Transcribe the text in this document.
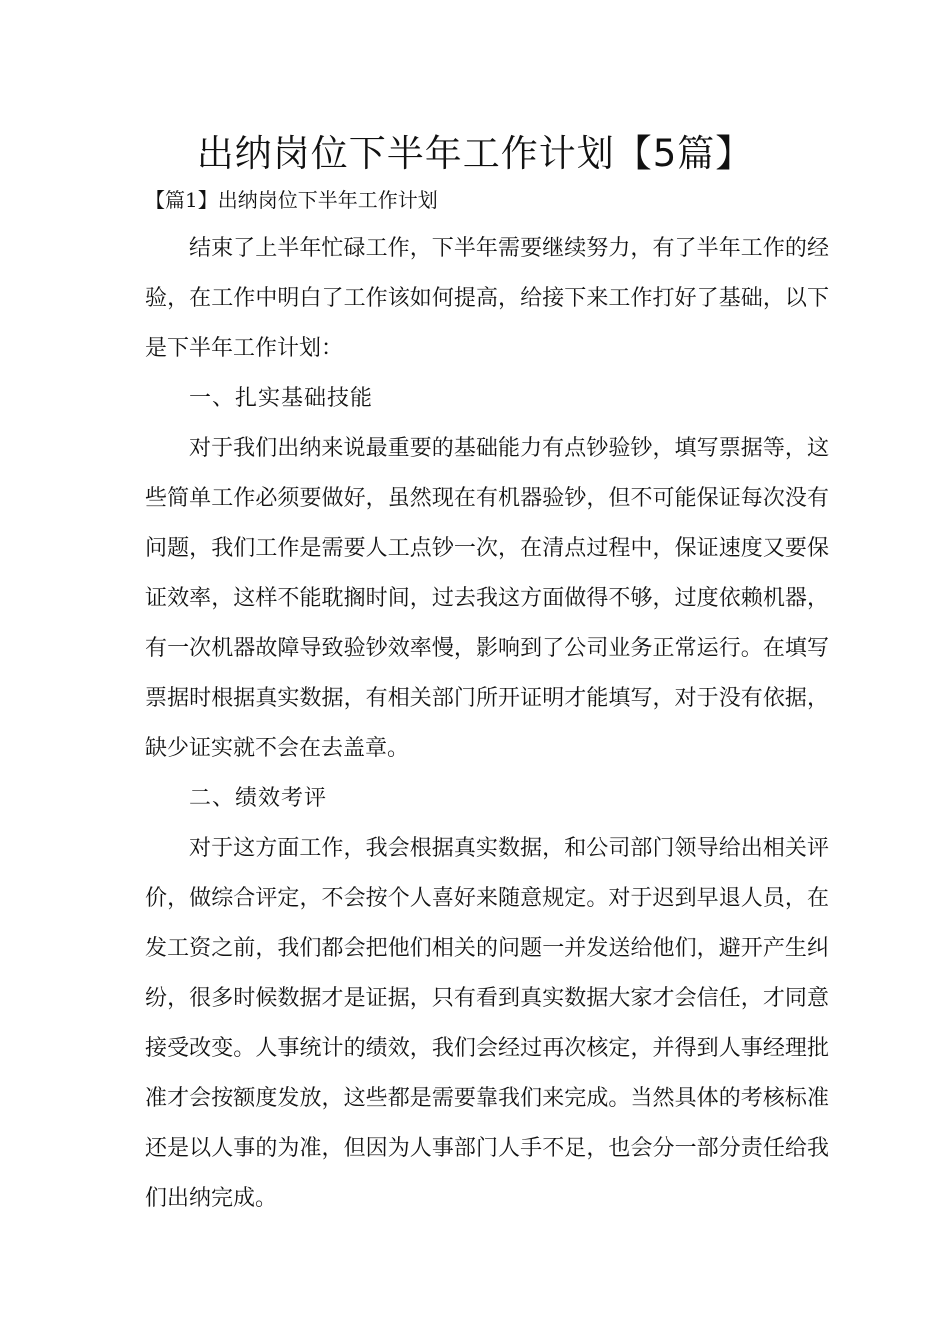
出纳岗位下半年工作计划【5篇】
【篇1】出纳岗位下半年工作计划

结束了上半年忙碌工作，下半年需要继续努力，有了半年工作的经验，在工作中明白了工作该如何提高，给接下来工作打好了基础，以下是下半年工作计划：

一、扎实基础技能

对于我们出纳来说最重要的基础能力有点钞验钞，填写票据等，这些简单工作必须要做好，虽然现在有机器验钞，但不可能保证每次没有问题，我们工作是需要人工点钞一次，在清点过程中，保证速度又要保证效率，这样不能耽搁时间，过去我这方面做得不够，过度依赖机器，有一次机器故障导致验钞效率慢，影响到了公司业务正常运行。在填写票据时根据真实数据，有相关部门所开证明才能填写，对于没有依据，缺少证实就不会在去盖章。

二、绩效考评

对于这方面工作，我会根据真实数据，和公司部门领导给出相关评价，做综合评定，不会按个人喜好来随意规定。对于迟到早退人员，在发工资之前，我们都会把他们相关的问题一并发送给他们，避开产生纠纷，很多时候数据才是证据，只有看到真实数据大家才会信任，才同意接受改变。人事统计的绩效，我们会经过再次核定，并得到人事经理批准才会按额度发放，这些都是需要靠我们来完成。当然具体的考核标准还是以人事的为准，但因为人事部门人手不足，也会分一部分责任给我们出纳完成。
